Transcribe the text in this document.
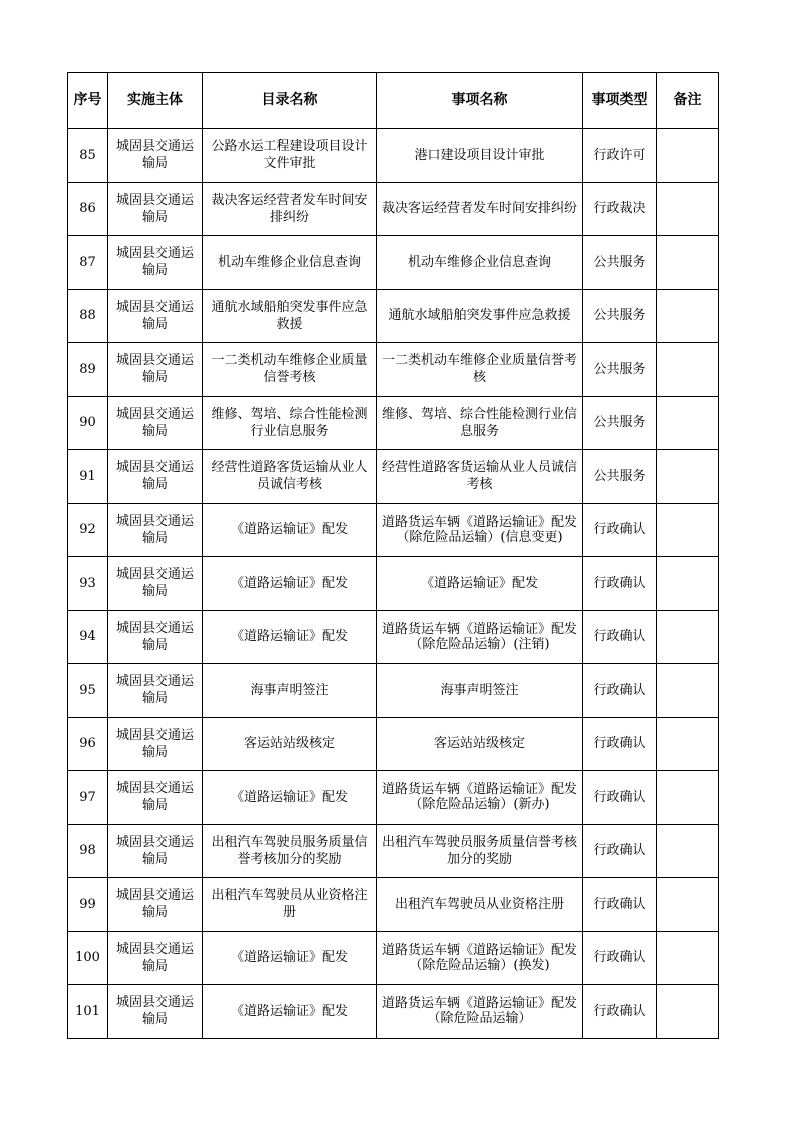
序号	实施主体	目录名称	事项名称	事项类型	备注
85	城固县交通运输局	公路水运工程建设项目设计文件审批	港口建设项目设计审批	行政许可	
86	城固县交通运输局	裁决客运经营者发车时间安排纠纷	裁决客运经营者发车时间安排纠纷	行政裁决	
87	城固县交通运输局	机动车维修企业信息查询	机动车维修企业信息查询	公共服务	
88	城固县交通运输局	通航水域船舶突发事件应急救援	通航水域船舶突发事件应急救援	公共服务	
89	城固县交通运输局	一二类机动车维修企业质量信誉考核	一二类机动车维修企业质量信誉考核	公共服务	
90	城固县交通运输局	维修、驾培、综合性能检测行业信息服务	维修、驾培、综合性能检测行业信息服务	公共服务	
91	城固县交通运输局	经营性道路客货运输从业人员诚信考核	经营性道路客货运输从业人员诚信考核	公共服务	
92	城固县交通运输局	《道路运输证》配发	道路货运车辆《道路运输证》配发（除危险品运输）(信息变更)	行政确认	
93	城固县交通运输局	《道路运输证》配发	《道路运输证》配发	行政确认	
94	城固县交通运输局	《道路运输证》配发	道路货运车辆《道路运输证》配发（除危险品运输）(注销)	行政确认	
95	城固县交通运输局	海事声明签注	海事声明签注	行政确认	
96	城固县交通运输局	客运站站级核定	客运站站级核定	行政确认	
97	城固县交通运输局	《道路运输证》配发	道路货运车辆《道路运输证》配发（除危险品运输）(新办)	行政确认	
98	城固县交通运输局	出租汽车驾驶员服务质量信誉考核加分的奖励	出租汽车驾驶员服务质量信誉考核加分的奖励	行政确认	
99	城固县交通运输局	出租汽车驾驶员从业资格注册	出租汽车驾驶员从业资格注册	行政确认	
100	城固县交通运输局	《道路运输证》配发	道路货运车辆《道路运输证》配发（除危险品运输）(换发)	行政确认	
101	城固县交通运输局	《道路运输证》配发	道路货运车辆《道路运输证》配发（除危险品运输）	行政确认	
